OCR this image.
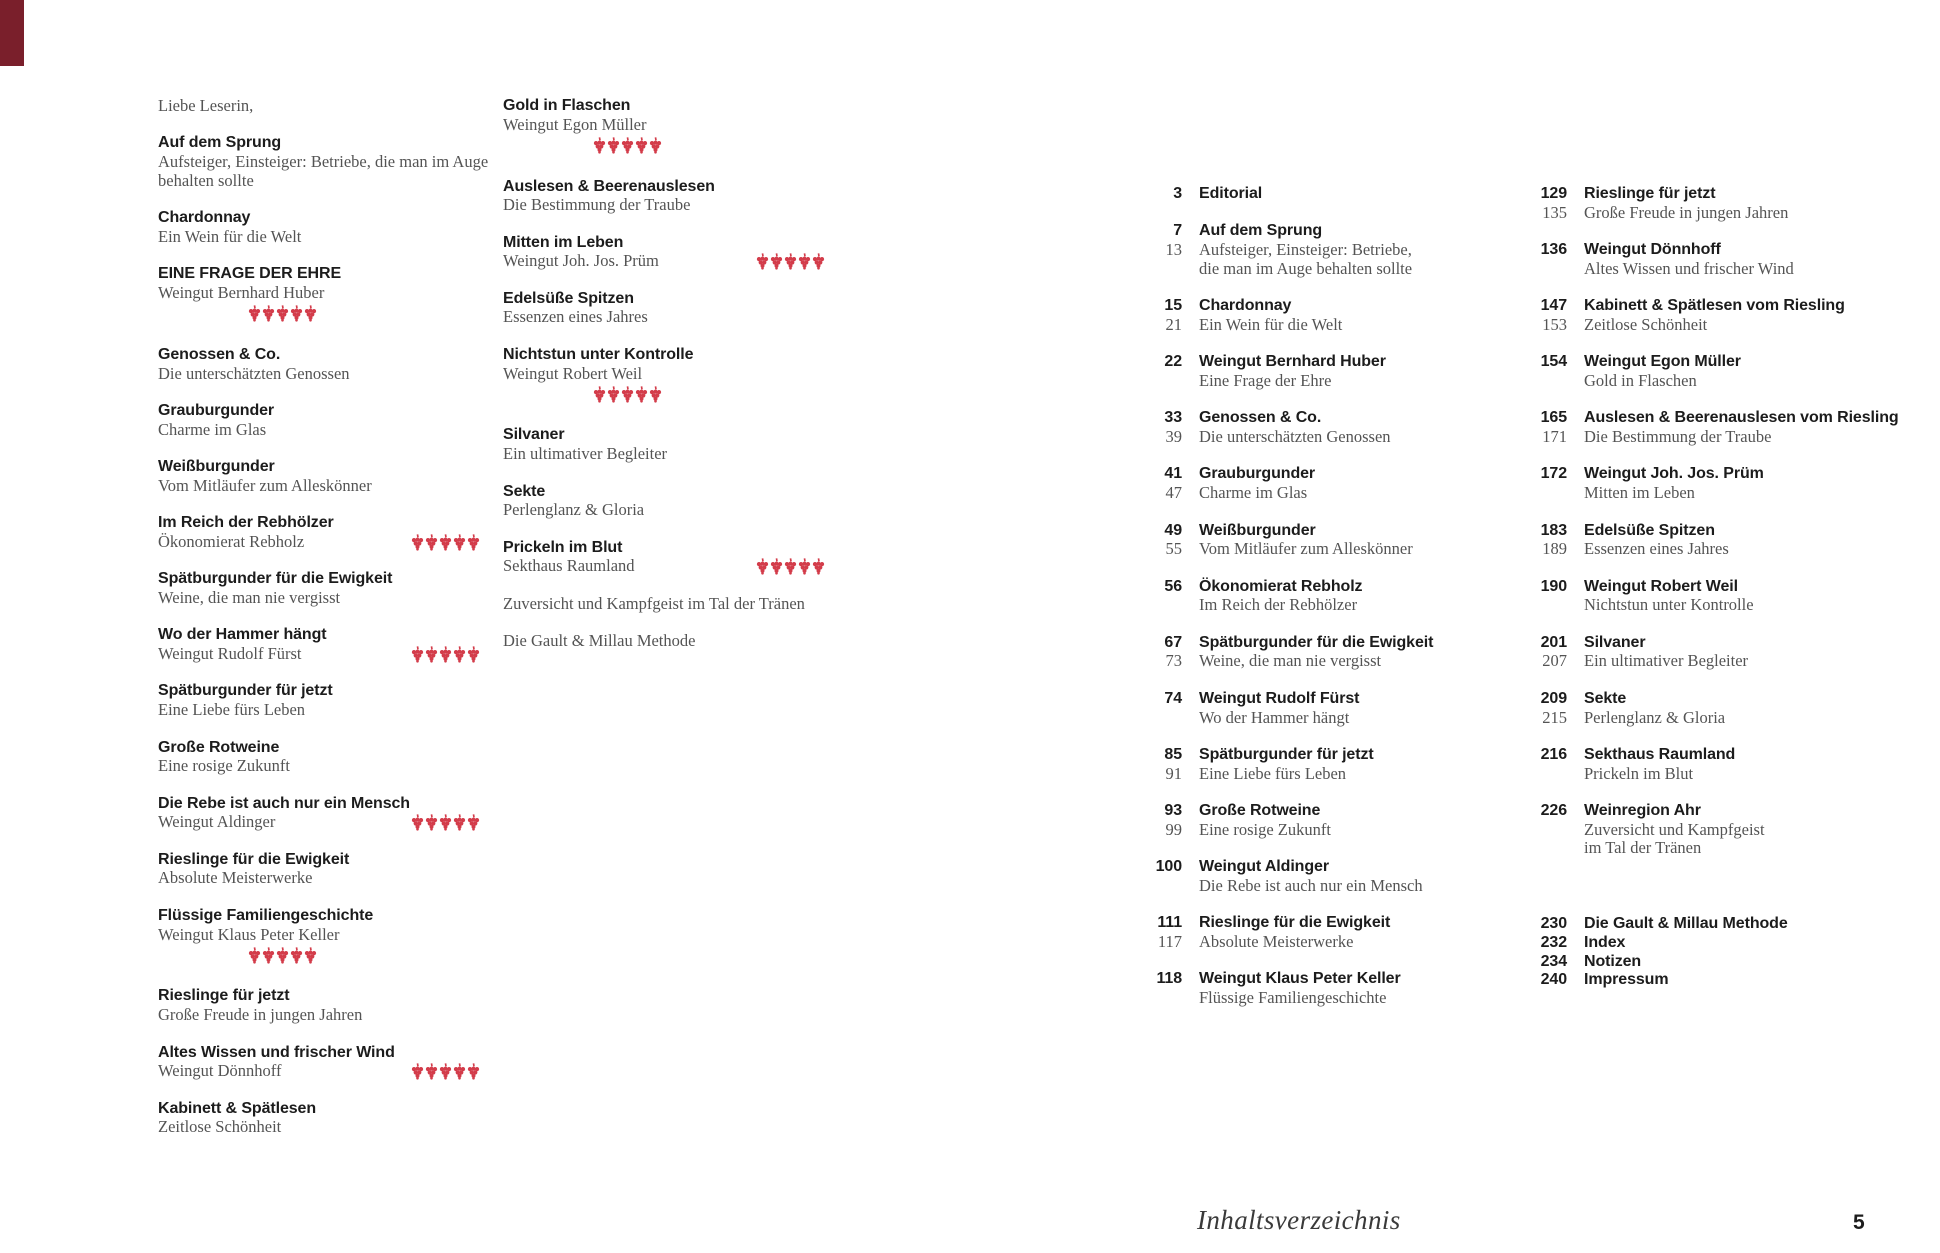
Liebe Leserin,
Auf dem Sprung
Aufsteiger, Einsteiger: Betriebe, die man im Auge
behalten sollte
Chardonnay
Ein Wein für die Welt
EINE FRAGE DER EHRE
Weingut Bernhard Huber
Genossen & Co.
Die unterschätzten Genossen
Grauburgunder
Charme im Glas
Weißburgunder
Vom Mitläufer zum Alleskönner
Im Reich der Rebhölzer
Ökonomierat Rebholz
Spätburgunder für die Ewigkeit
Weine, die man nie vergisst
Wo der Hammer hängt
Weingut Rudolf Fürst
Spätburgunder für jetzt
Eine Liebe fürs Leben
Große Rotweine
Eine rosige Zukunft
Die Rebe ist auch nur ein Mensch
Weingut Aldinger
Rieslinge für die Ewigkeit
Absolute Meisterwerke
Flüssige Familiengeschichte
Weingut Klaus Peter Keller
Rieslinge für jetzt
Große Freude in jungen Jahren
Altes Wissen und frischer Wind
Weingut Dönnhoff
Kabinett & Spätlesen
Zeitlose Schönheit
Gold in Flaschen
Weingut Egon Müller
Auslesen & Beerenauslesen
Die Bestimmung der Traube
Mitten im Leben
Weingut Joh. Jos. Prüm
Edelsüße Spitzen
Essenzen eines Jahres
Nichtstun unter Kontrolle
Weingut Robert Weil
Silvaner
Ein ultimativer Begleiter
Sekte
Perlenglanz & Gloria
Prickeln im Blut
Sekthaus Raumland
Zuversicht und Kampfgeist im Tal der Tränen
Die Gault & Millau Methode
3	Editorial
7	Auf dem Sprung
13	Aufsteiger, Einsteiger: Betriebe,
die man im Auge behalten sollte
15	Chardonnay
21	Ein Wein für die Welt
22	Weingut Bernhard Huber
Eine Frage der Ehre
33	Genossen & Co.
39	Die unterschätzten Genossen
41	Grauburgunder
47	Charme im Glas
49	Weißburgunder
55	Vom Mitläufer zum Alleskönner
56	Ökonomierat Rebholz
Im Reich der Rebhölzer
67	Spätburgunder für die Ewigkeit
73	Weine, die man nie vergisst
74	Weingut Rudolf Fürst
Wo der Hammer hängt
85	Spätburgunder für jetzt
91	Eine Liebe fürs Leben
93	Große Rotweine
99	Eine rosige Zukunft
100	Weingut Aldinger
Die Rebe ist auch nur ein Mensch
111	Rieslinge für die Ewigkeit
117	Absolute Meisterwerke
118	Weingut Klaus Peter Keller
Flüssige Familiengeschichte
129	Rieslinge für jetzt
135	Große Freude in jungen Jahren
136	Weingut Dönnhoff
Altes Wissen und frischer Wind
147	Kabinett & Spätlesen vom Riesling
153	Zeitlose Schönheit
154	Weingut Egon Müller
Gold in Flaschen
165	Auslesen & Beerenauslesen vom Riesling
171	Die Bestimmung der Traube
172	Weingut Joh. Jos. Prüm
Mitten im Leben
183	Edelsüße Spitzen
189	Essenzen eines Jahres
190	Weingut Robert Weil
Nichtstun unter Kontrolle
201	Silvaner
207	Ein ultimativer Begleiter
209	Sekte
215	Perlenglanz & Gloria
216	Sekthaus Raumland
Prickeln im Blut
226	Weinregion Ahr
Zuversicht und Kampfgeist
im Tal der Tränen
230	Die Gault & Millau Methode
232	Index
234	Notizen
240	Impressum
Inhaltsverzeichnis	5
